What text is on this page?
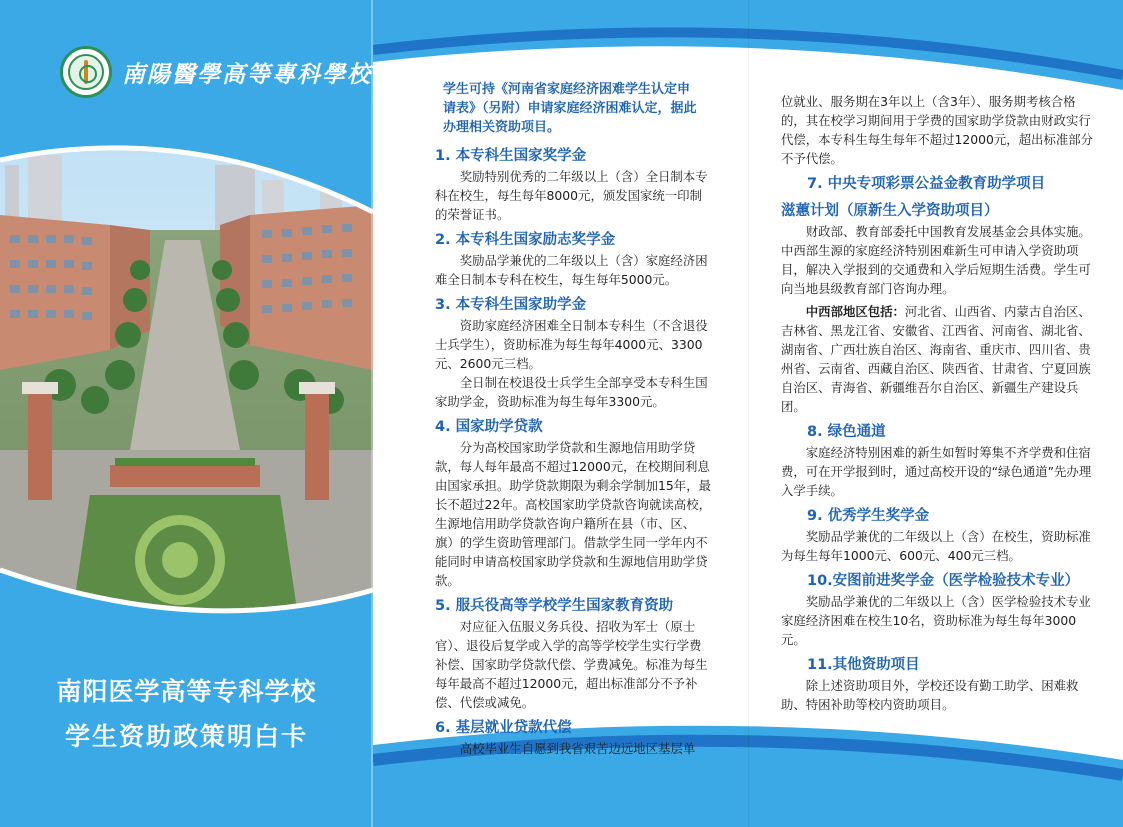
南陽醫學高等專科學校
南阳医学高等专科学校
学生资助政策明白卡
学生可持《河南省家庭经济困难学生认定申请表》（另附）申请家庭经济困难认定，据此办理相关资助项目。
1. 本专科生国家奖学金
奖励特别优秀的二年级以上（含）全日制本专科在校生，每生每年8000元，颁发国家统一印制的荣誉证书。
2. 本专科生国家励志奖学金
奖励品学兼优的二年级以上（含）家庭经济困难全日制本专科在校生，每生每年5000元。
3. 本专科生国家助学金
资助家庭经济困难全日制本专科生（不含退役士兵学生），资助标准为每生每年4000元、3300元、2600元三档。
全日制在校退役士兵学生全部享受本专科生国家助学金，资助标准为每生每年3300元。
4. 国家助学贷款
分为高校国家助学贷款和生源地信用助学贷款，每人每年最高不超过12000元，在校期间利息由国家承担。助学贷款期限为剩余学制加15年，最长不超过22年。高校国家助学贷款咨询就读高校，生源地信用助学贷款咨询户籍所在县（市、区、旗）的学生资助管理部门。借款学生同一学年内不能同时申请高校国家助学贷款和生源地信用助学贷款。
5. 服兵役高等学校学生国家教育资助
对应征入伍服义务兵役、招收为军士（原士官）、退役后复学或入学的高等学校学生实行学费补偿、国家助学贷款代偿、学费减免。标准为每生每年最高不超过12000元，超出标准部分不予补偿、代偿或减免。
6. 基层就业贷款代偿
高校毕业生自愿到我省艰苦边远地区基层单
位就业、服务期在3年以上（含3年）、服务期考核合格的，其在校学习期间用于学费的国家助学贷款由财政实行代偿，本专科生每生每年不超过12000元，超出标准部分不予代偿。
7. 中央专项彩票公益金教育助学项目
滋蕙计划（原新生入学资助项目）
财政部、教育部委托中国教育发展基金会具体实施。中西部生源的家庭经济特别困难新生可申请入学资助项目，解决入学报到的交通费和入学后短期生活费。学生可向当地县级教育部门咨询办理。
中西部地区包括：河北省、山西省、内蒙古自治区、吉林省、黑龙江省、安徽省、江西省、河南省、湖北省、湖南省、广西壮族自治区、海南省、重庆市、四川省、贵州省、云南省、西藏自治区、陕西省、甘肃省、宁夏回族自治区、青海省、新疆维吾尔自治区、新疆生产建设兵团。
8. 绿色通道
家庭经济特别困难的新生如暂时筹集不齐学费和住宿费，可在开学报到时，通过高校开设的“绿色通道”先办理入学手续。
9. 优秀学生奖学金
奖励品学兼优的二年级以上（含）在校生，资助标准为每生每年1000元、600元、400元三档。
10.安图前进奖学金（医学检验技术专业）
奖励品学兼优的二年级以上（含）医学检验技术专业家庭经济困难在校生10名，资助标准为每生每年3000元。
11.其他资助项目
除上述资助项目外，学校还设有勤工助学、困难救助、特困补助等校内资助项目。
